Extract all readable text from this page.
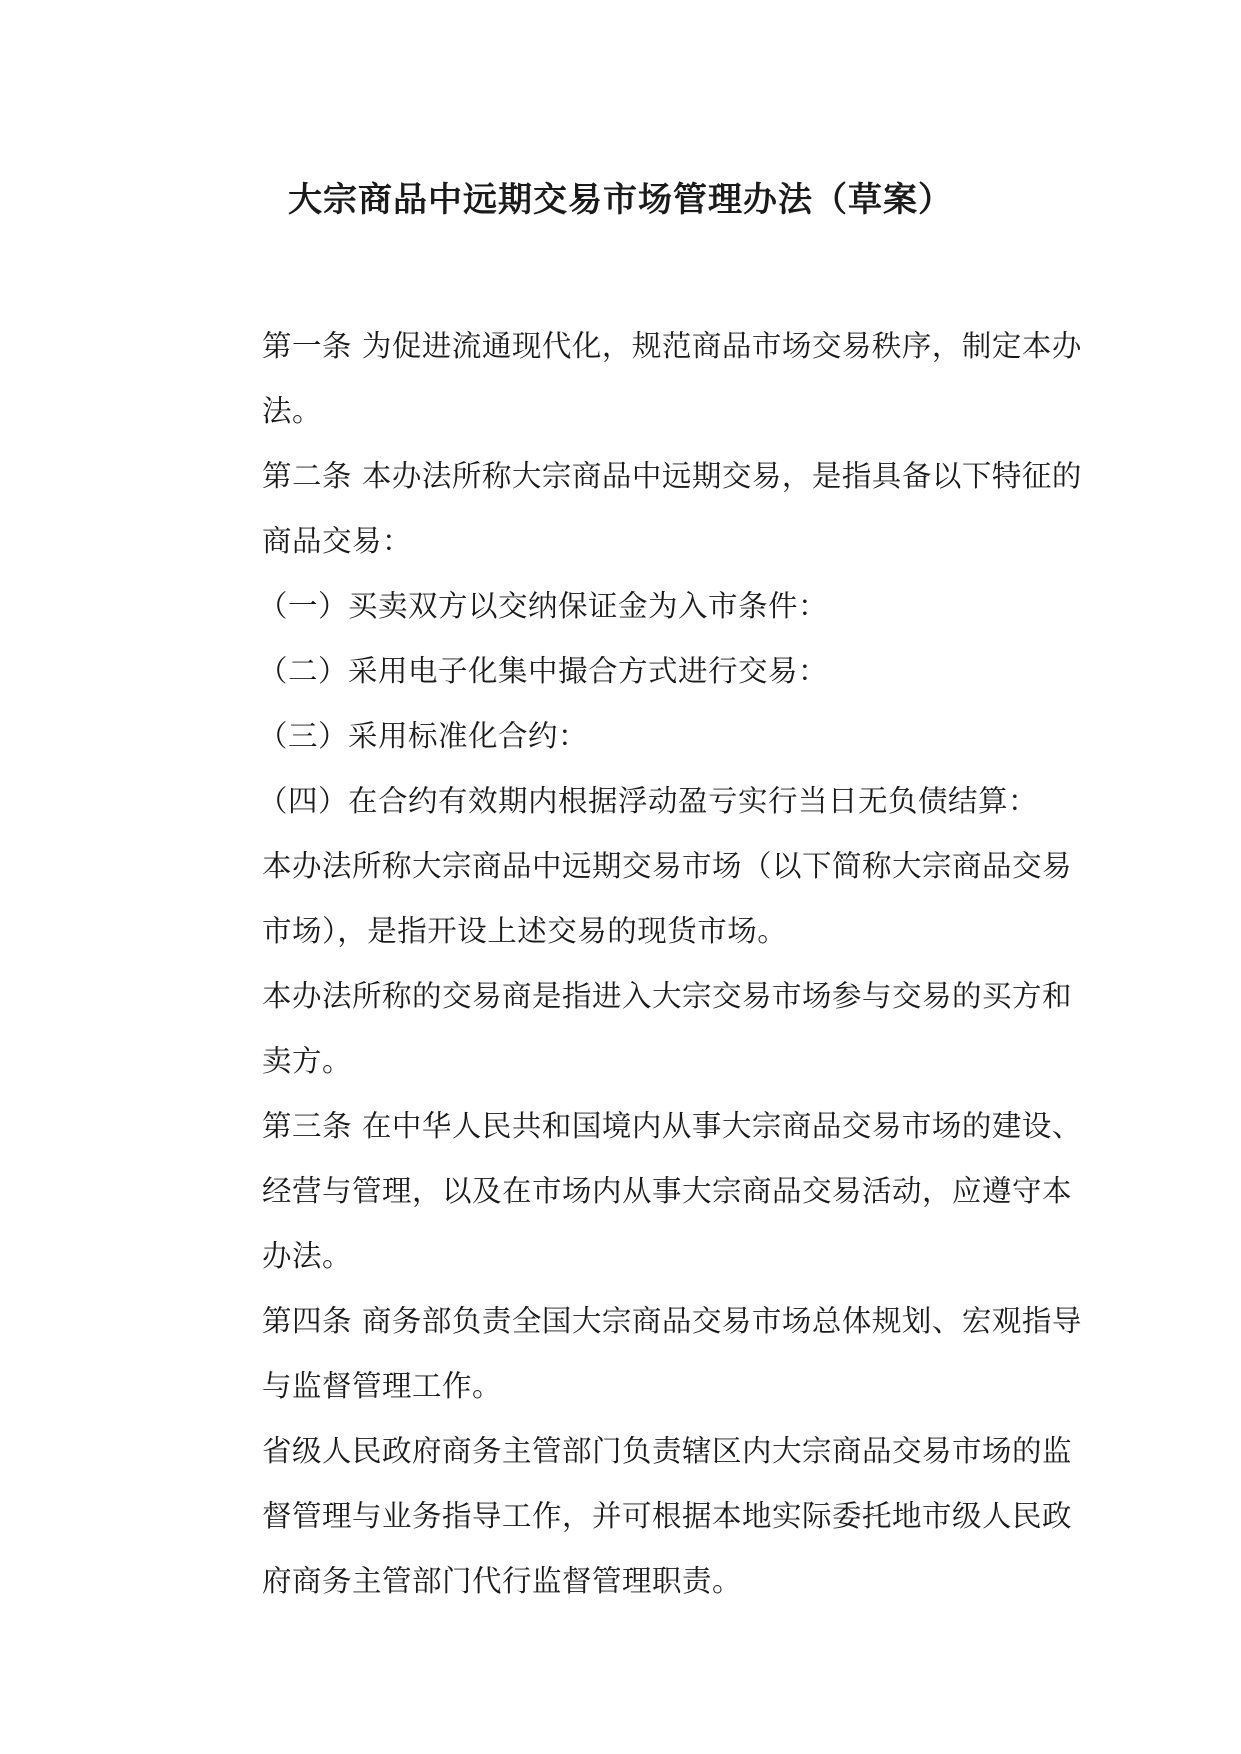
大宗商品中远期交易市场管理办法（草案）

第一条 为促进流通现代化，规范商品市场交易秩序，制定本办

法。

第二条 本办法所称大宗商品中远期交易，是指具备以下特征的

商品交易：

（一）买卖双方以交纳保证金为入市条件：

（二）采用电子化集中撮合方式进行交易：

（三）采用标准化合约：

（四）在合约有效期内根据浮动盈亏实行当日无负债结算：

本办法所称大宗商品中远期交易市场（以下简称大宗商品交易

市场），是指开设上述交易的现货市场。

本办法所称的交易商是指进入大宗交易市场参与交易的买方和

卖方。

第三条 在中华人民共和国境内从事大宗商品交易市场的建设、

经营与管理，以及在市场内从事大宗商品交易活动，应遵守本

办法。

第四条 商务部负责全国大宗商品交易市场总体规划、宏观指导

与监督管理工作。

省级人民政府商务主管部门负责辖区内大宗商品交易市场的监

督管理与业务指导工作，并可根据本地实际委托地市级人民政

府商务主管部门代行监督管理职责。
